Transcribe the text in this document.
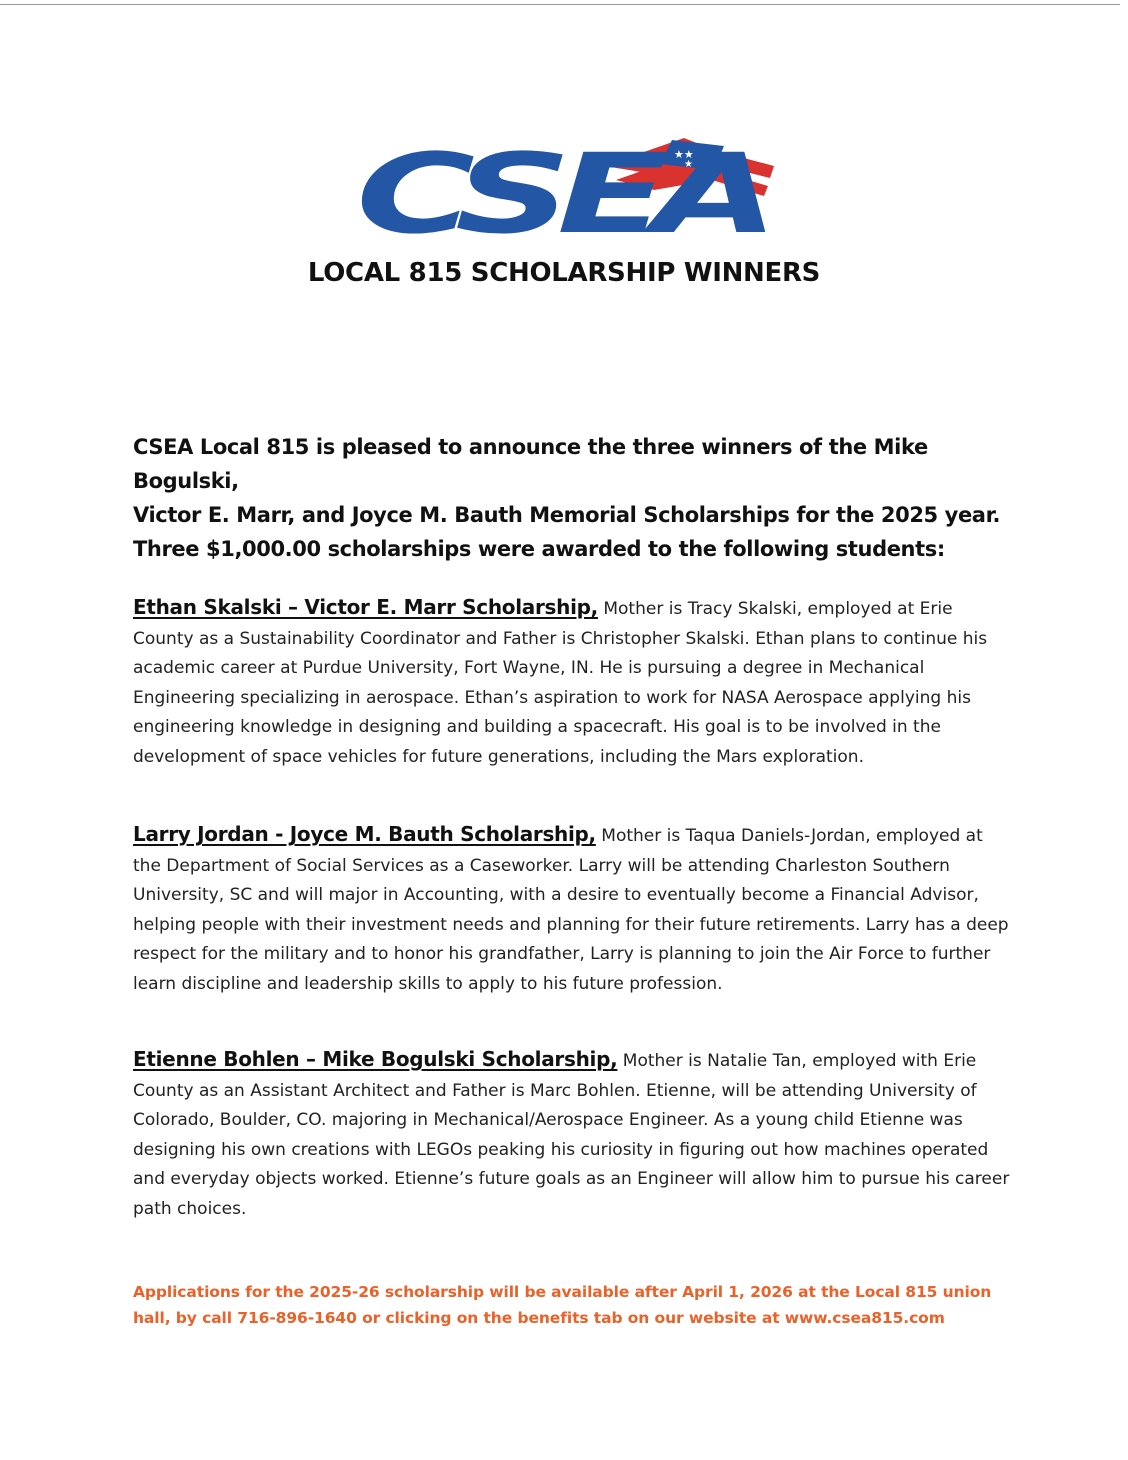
★★
★
CSEA
LOCAL 815 SCHOLARSHIP WINNERS
CSEA Local 815 is pleased to announce the three winners of the Mike Bogulski,
Victor E. Marr, and Joyce M. Bauth Memorial Scholarships for the 2025 year.
Three $1,000.00 scholarships were awarded to the following students:
Ethan Skalski – Victor E. Marr Scholarship, Mother is Tracy Skalski, employed at Erie County as a Sustainability Coordinator and Father is Christopher Skalski. Ethan plans to continue his academic career at Purdue University, Fort Wayne, IN. He is pursuing a degree in Mechanical Engineering specializing in aerospace. Ethan’s aspiration to work for NASA Aerospace applying his engineering knowledge in designing and building a spacecraft. His goal is to be involved in the development of space vehicles for future generations, including the Mars exploration.
Larry Jordan - Joyce M. Bauth Scholarship, Mother is Taqua Daniels-Jordan, employed at the Department of Social Services as a Caseworker. Larry will be attending Charleston Southern University, SC and will major in Accounting, with a desire to eventually become a Financial Advisor, helping people with their investment needs and planning for their future retirements. Larry has a deep respect for the military and to honor his grandfather, Larry is planning to join the Air Force to further learn discipline and leadership skills to apply to his future profession.
Etienne Bohlen – Mike Bogulski Scholarship, Mother is Natalie Tan, employed with Erie County as an Assistant Architect and Father is Marc Bohlen. Etienne, will be attending University of Colorado, Boulder, CO. majoring in Mechanical/Aerospace Engineer. As a young child Etienne was designing his own creations with LEGOs peaking his curiosity in figuring out how machines operated and everyday objects worked. Etienne’s future goals as an Engineer will allow him to pursue his career path choices.
Applications for the 2025-26 scholarship will be available after April 1, 2026 at the Local 815 union
hall, by call 716-896-1640 or clicking on the benefits tab on our website at www.csea815.com
